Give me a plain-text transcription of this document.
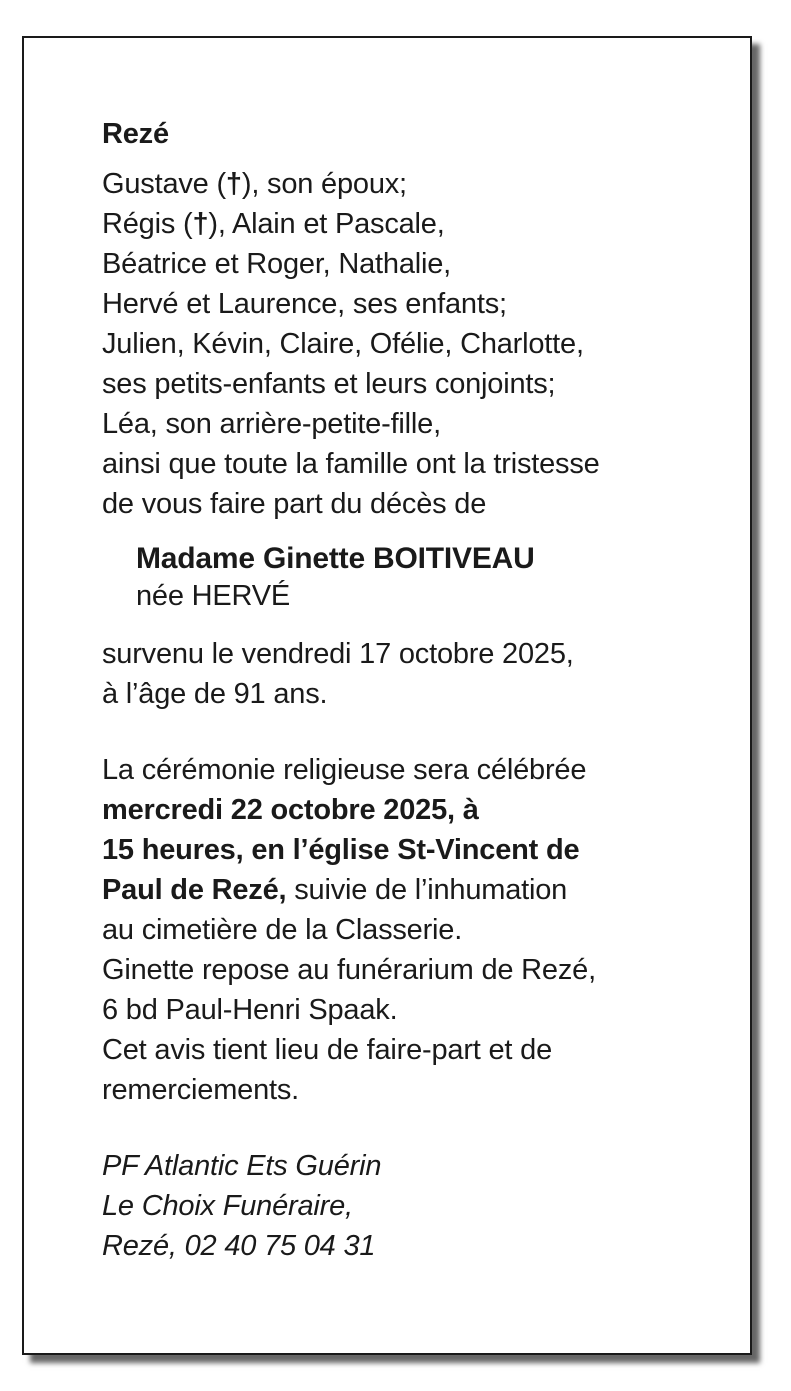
Rezé
Gustave (†), son époux;
Régis (†), Alain et Pascale,
Béatrice et Roger, Nathalie,
Hervé et Laurence, ses enfants;
Julien, Kévin, Claire, Ofélie, Charlotte,
ses petits-enfants et leurs conjoints;
Léa, son arrière-petite-fille,
ainsi que toute la famille ont la tristesse
de vous faire part du décès de
Madame Ginette BOITIVEAU
née HERVÉ
survenu le vendredi 17 octobre 2025,
à l’âge de 91 ans.
La cérémonie religieuse sera célébrée
mercredi 22 octobre 2025, à
15 heures, en l’église St-Vincent de
Paul de Rezé, suivie de l’inhumation
au cimetière de la Classerie.
Ginette repose au funérarium de Rezé,
6 bd Paul-Henri Spaak.
Cet avis tient lieu de faire-part et de
remerciements.
PF Atlantic Ets Guérin
Le Choix Funéraire,
Rezé, 02 40 75 04 31
